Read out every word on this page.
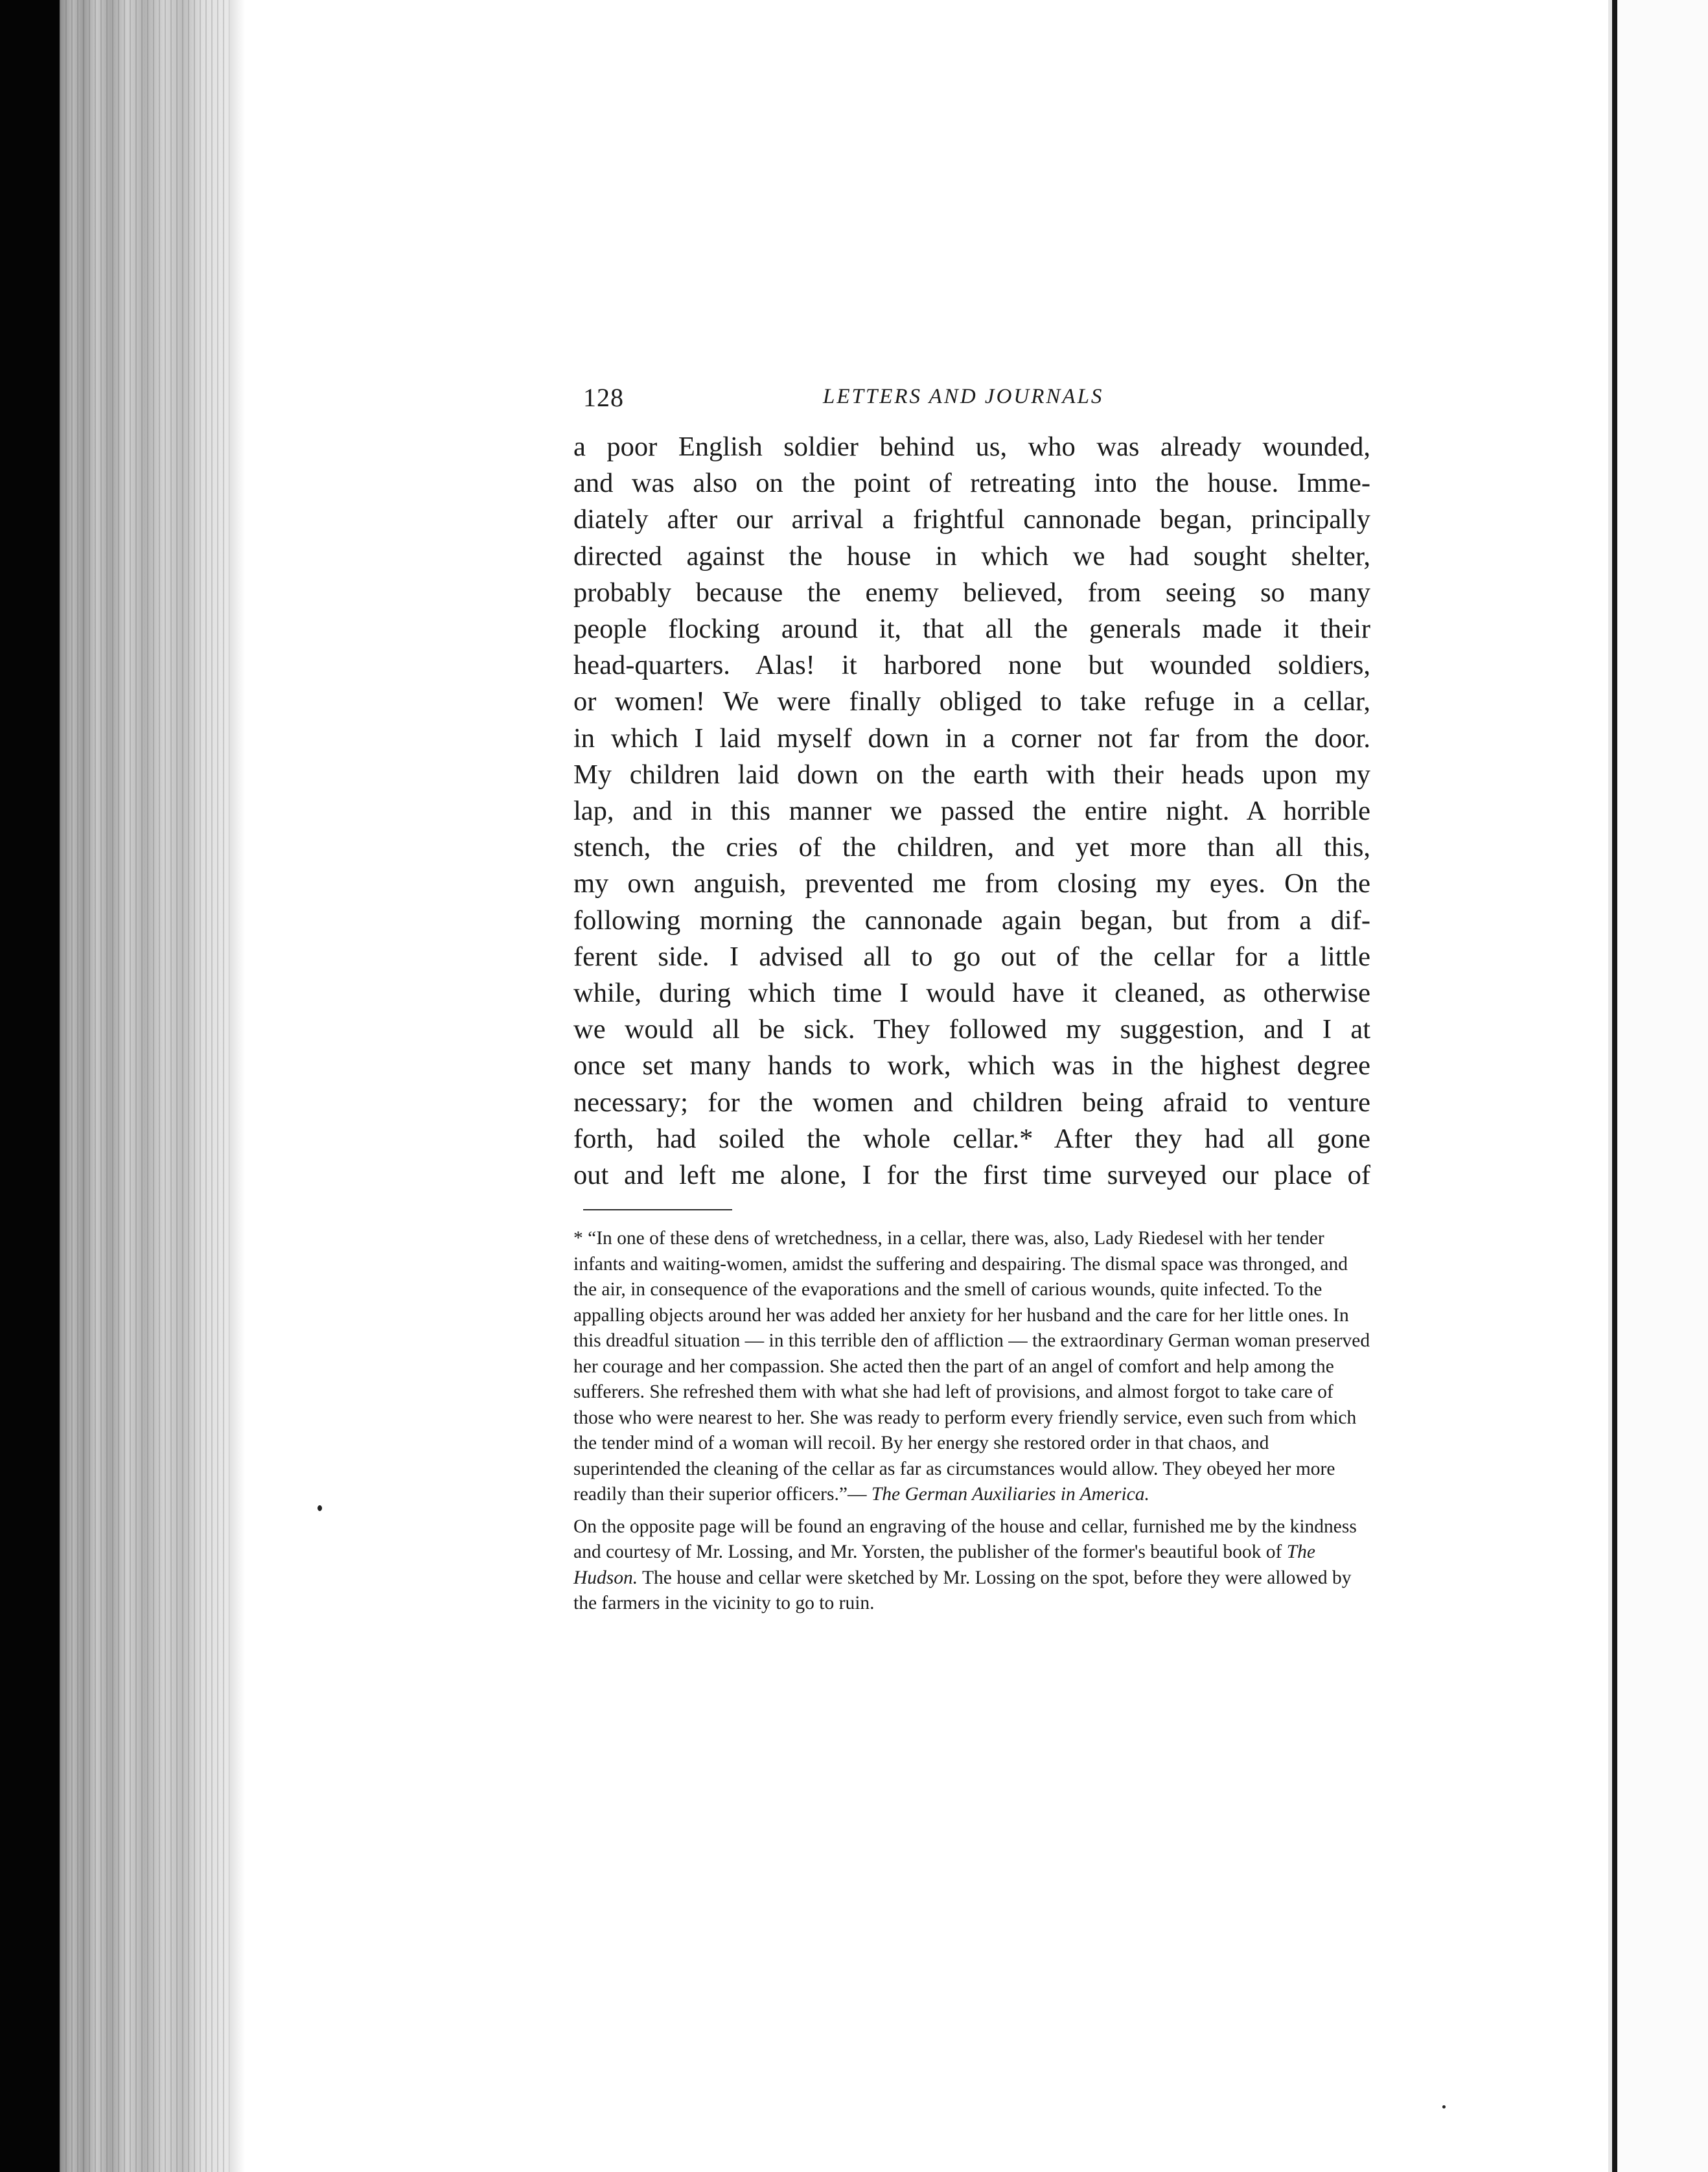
128	LETTERS AND JOURNALS
a poor English soldier behind us, who was already wounded,
and was also on the point of retreating into the house. Imme-
diately after our arrival a frightful cannonade began, principally
directed against the house in which we had sought shelter,
probably because the enemy believed, from seeing so many
people flocking around it, that all the generals made it their
head-quarters. Alas! it harbored none but wounded soldiers,
or women! We were finally obliged to take refuge in a cellar,
in which I laid myself down in a corner not far from the door.
My children laid down on the earth with their heads upon my
lap, and in this manner we passed the entire night. A horrible
stench, the cries of the children, and yet more than all this,
my own anguish, prevented me from closing my eyes. On the
following morning the cannonade again began, but from a dif-
ferent side. I advised all to go out of the cellar for a little
while, during which time I would have it cleaned, as otherwise
we would all be sick. They followed my suggestion, and I at
once set many hands to work, which was in the highest degree
necessary; for the women and children being afraid to venture
forth, had soiled the whole cellar.* After they had all gone
out and left me alone, I for the first time surveyed our place of

* “In one of these dens of wretchedness, in a cellar, there was, also, Lady Riedesel with her tender infants and waiting-women, amidst the suffering and despairing. The dismal space was thronged, and the air, in consequence of the evaporations and the smell of carious wounds, quite infected. To the appalling objects around her was added her anxiety for her husband and the care for her little ones. In this dreadful situation — in this terrible den of affliction — the extraordinary German woman preserved her courage and her compassion. She acted then the part of an angel of comfort and help among the sufferers. She refreshed them with what she had left of provisions, and almost forgot to take care of those who were nearest to her. She was ready to perform every friendly service, even such from which the tender mind of a woman will recoil. By her energy she restored order in that chaos, and superintended the cleaning of the cellar as far as circumstances would allow. They obeyed her more readily than their superior officers.”— The German Auxiliaries in America.

On the opposite page will be found an engraving of the house and cellar, furnished me by the kindness and courtesy of Mr. Lossing, and Mr. Yorsten, the publisher of the former's beautiful book of The Hudson. The house and cellar were sketched by Mr. Lossing on the spot, before they were allowed by the farmers in the vicinity to go to ruin.
